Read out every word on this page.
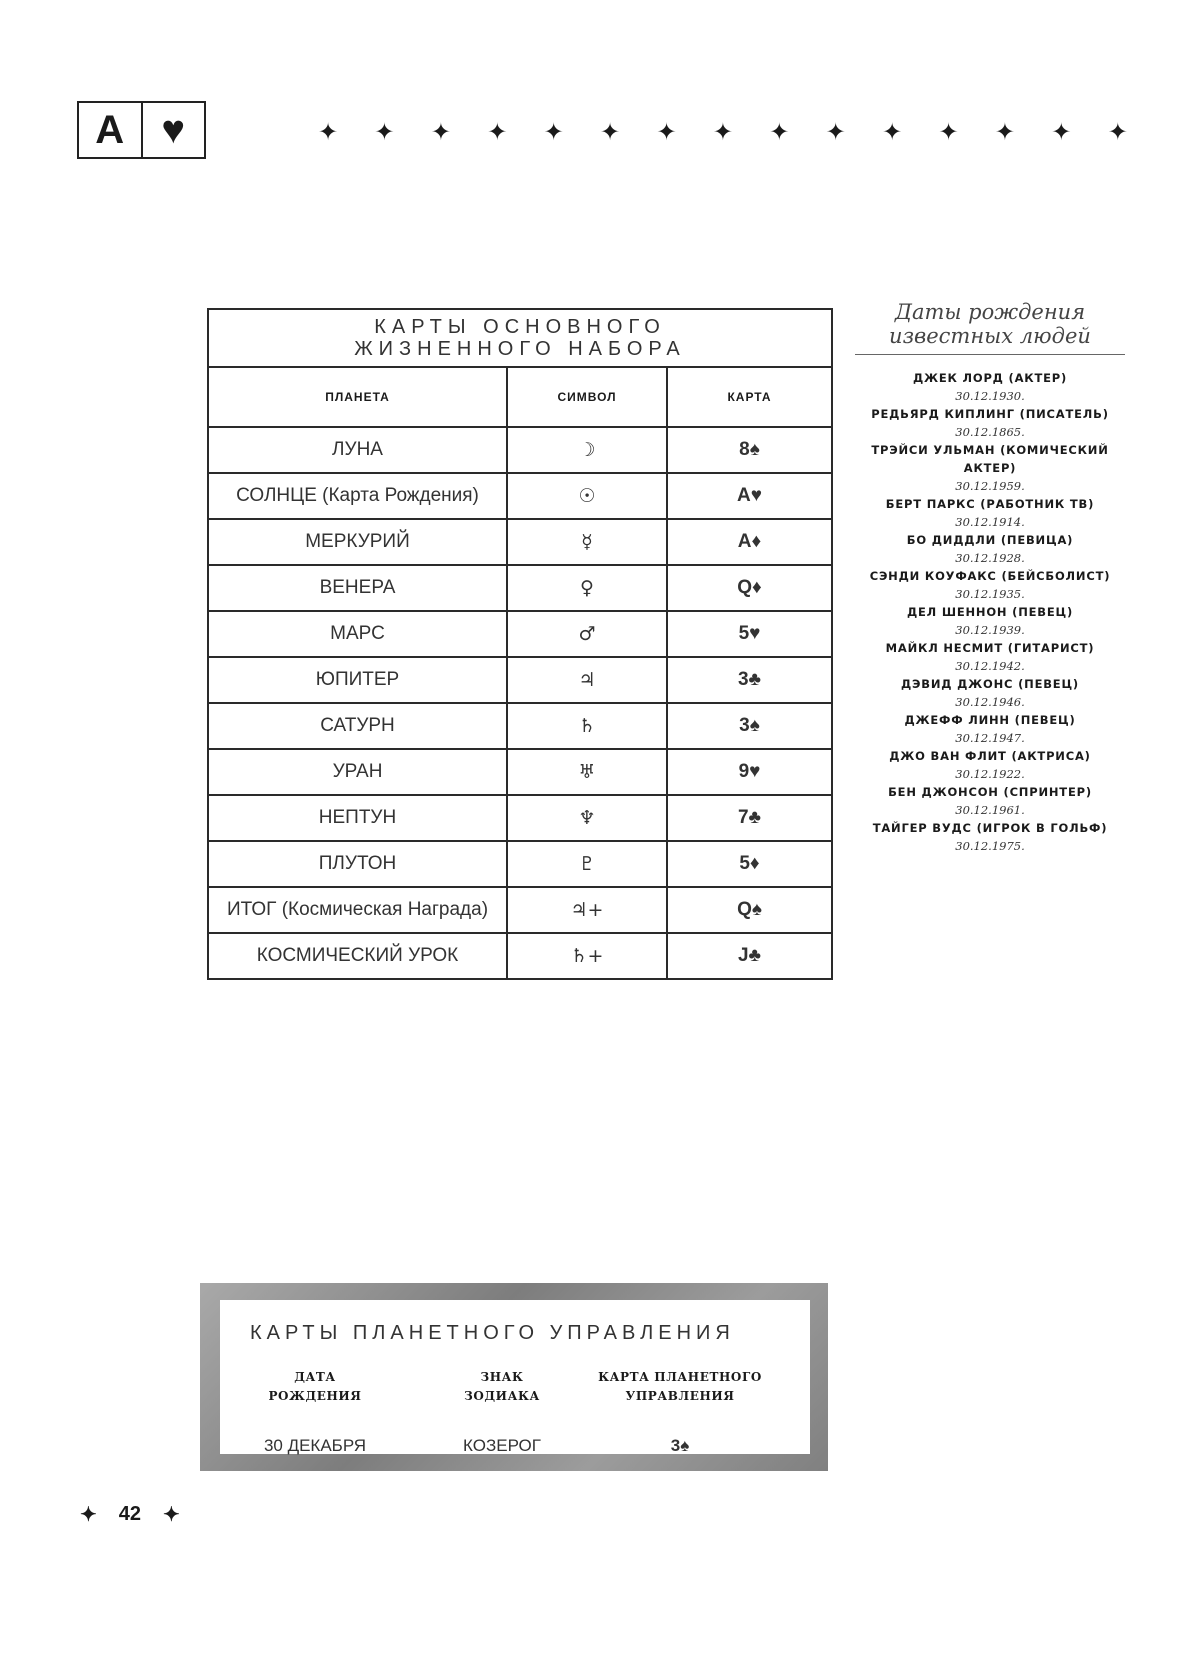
A ♥	✦ ✦ ✦ ✦ ✦ ✦ ✦ ✦ ✦ ✦ ✦ ✦ ✦ ✦ ✦
КАРТЫ ОСНОВНОГО
ЖИЗНЕННОГО НАБОРА

ПЛАНЕТА	СИМВОЛ	КАРТА
ЛУНА	☽	8♠
СОЛНЦЕ (Карта Рождения)	☉	A♥
МЕРКУРИЙ	☿	A♦
ВЕНЕРА	♀	Q♦
МАРС	♂	5♥
ЮПИТЕР	♃	3♣
САТУРН	♄	3♠
УРАН	♅	9♥
НЕПТУН	♆	7♣
ПЛУТОН	♇	5♦
ИТОГ (Космическая Награда)	♃+	Q♠
КОСМИЧЕСКИЙ УРОК	♄+	J♣
Даты рождения
известных людей
ДЖЕК ЛОРД (АКТЕР)
30.12.1930.
РЕДЬЯРД КИПЛИНГ (ПИСАТЕЛЬ)
30.12.1865.
ТРЭЙСИ УЛЬМАН (КОМИЧЕСКИЙ АКТЕР)
30.12.1959.
БЕРТ ПАРКС (РАБОТНИК ТВ)
30.12.1914.
БО ДИДДЛИ (ПЕВИЦА)
30.12.1928.
СЭНДИ КОУФАКС (БЕЙСБОЛИСТ)
30.12.1935.
ДЕЛ ШЕННОН (ПЕВЕЦ)
30.12.1939.
МАЙКЛ НЕСМИТ (ГИТАРИСТ)
30.12.1942.
ДЭВИД ДЖОНС (ПЕВЕЦ)
30.12.1946.
ДЖЕФФ ЛИНН (ПЕВЕЦ)
30.12.1947.
ДЖО ВАН ФЛИТ (АКТРИСА)
30.12.1922.
БЕН ДЖОНСОН (СПРИНТЕР)
30.12.1961.
ТАЙГЕР ВУДС (ИГРОК В ГОЛЬФ)
30.12.1975.
КАРТЫ ПЛАНЕТНОГО УПРАВЛЕНИЯ
ДАТА
РОЖДЕНИЯ
30 ДЕКАБРЯ
ЗНАК
ЗОДИАКА
КОЗЕРОГ
КАРТА ПЛАНЕТНОГО
УПРАВЛЕНИЯ
3♠
✦ 42 ✦
